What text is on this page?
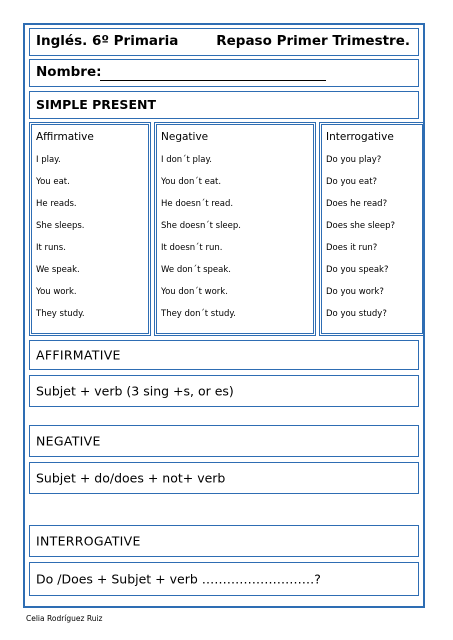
Inglés. 6º Primaria	Repaso Primer Trimestre.
Nombre:
SIMPLE PRESENT
Affirmative
I play.
You eat.
He reads.
She sleeps.
It runs.
We speak.
You work.
They study.
Negative
I don´t play.
You don´t eat.
He doesn´t read.
She doesn´t sleep.
It doesn´t run.
We don´t speak.
You don´t work.
They don´t study.
Interrogative
Do you play?
Do you eat?
Does he read?
Does she sleep?
Does it run?
Do you speak?
Do you work?
Do you study?
AFFIRMATIVE
Subjet + verb (3 sing +s, or es)
NEGATIVE
Subjet + do/does + not+ verb
INTERROGATIVE
Do /Does + Subjet + verb ………………………?
Celia Rodríguez Ruiz
